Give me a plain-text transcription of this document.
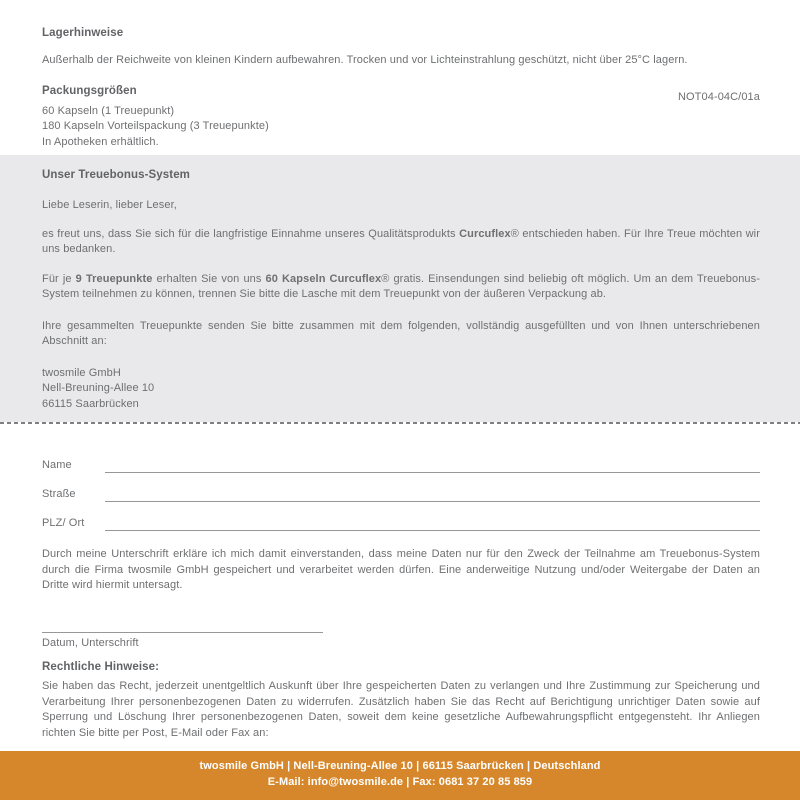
Lagerhinweise

Außerhalb der Reichweite von kleinen Kindern aufbewahren. Trocken und vor Lichteinstrahlung geschützt, nicht über 25°C lagern.

Packungsgrößen

60 Kapseln (1 Treuepunkt)

180 Kapseln Vorteilspackung (3 Treuepunkte)

In Apotheken erhältlich.

NOT04-04C/01a
Unser Treuebonus-System

Liebe Leserin, lieber Leser,

es freut uns, dass Sie sich für die langfristige Einnahme unseres Qualitätsprodukts Curcuflex® entschieden haben. Für Ihre Treue möchten wir uns bedanken.

Für je 9 Treuepunkte erhalten Sie von uns 60 Kapseln Curcuflex® gratis. Einsendungen sind beliebig oft möglich. Um an dem Treuebonus-System teilnehmen zu können, trennen Sie bitte die Lasche mit dem Treuepunkt von der äußeren Verpackung ab.

Ihre gesammelten Treuepunkte senden Sie bitte zusammen mit dem folgenden, vollständig ausgefüllten und von Ihnen unterschriebenen Abschnitt an:

twosmile GmbH

Nell-Breuning-Allee 10

66115 Saarbrücken

Name
Straße
PLZ/ Ort

Durch meine Unterschrift erkläre ich mich damit einverstanden, dass meine Daten nur für den Zweck der Teilnahme am Treuebonus-System durch die Firma twosmile GmbH gespeichert und verarbeitet werden dürfen. Eine anderweitige Nutzung und/oder Weitergabe der Daten an Dritte wird hiermit untersagt.

Datum, Unterschrift

Rechtliche Hinweise:

Sie haben das Recht, jederzeit unentgeltlich Auskunft über Ihre gespeicherten Daten zu verlangen und Ihre Zustimmung zur Speicherung und Verarbeitung Ihrer personenbezogenen Daten zu widerrufen. Zusätzlich haben Sie das Recht auf Berichtigung unrichtiger Daten sowie auf Sperrung und Löschung Ihrer personenbezogenen Daten, soweit dem keine gesetzliche Aufbewahrungspflicht entgegensteht. Ihr Anliegen richten Sie bitte per Post, E-Mail oder Fax an:

twosmile GmbH | Nell-Breuning-Allee 10 | 66115 Saarbrücken | Deutschland
E-Mail: info@twosmile.de | Fax: 0681 37 20 85 859
